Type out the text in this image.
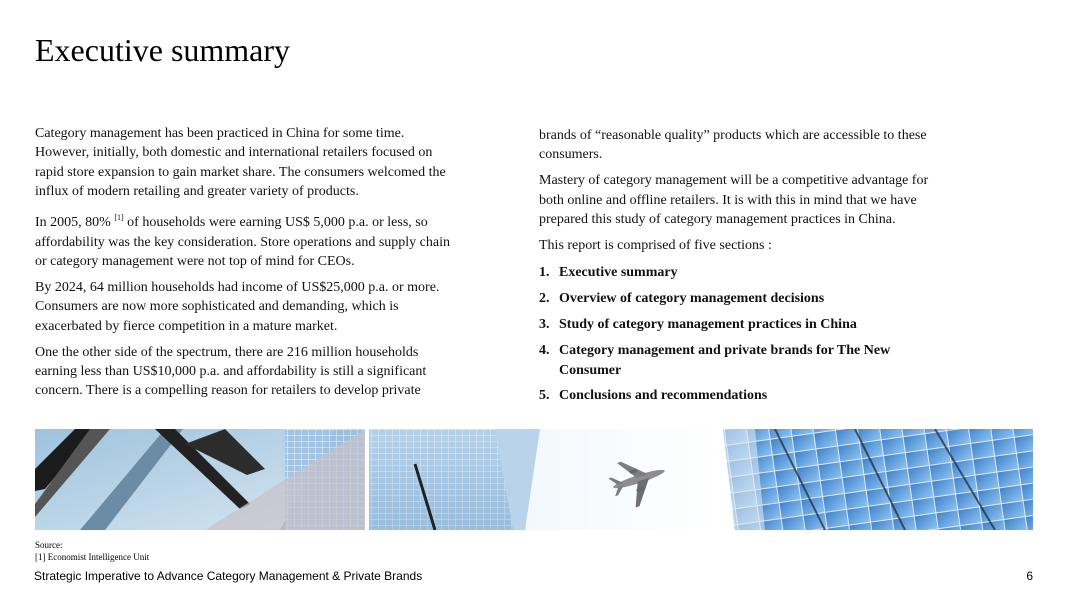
Executive summary

Category management has been practiced in China for some time. However, initially, both domestic and international retailers focused on rapid store expansion to gain market share. The consumers welcomed the influx of modern retailing and greater variety of products.

In 2005, 80% [1] of households were earning US$ 5,000 p.a. or less, so affordability was the key consideration. Store operations and supply chain or category management were not top of mind for CEOs.

By 2024, 64 million households had income of US$25,000 p.a. or more. Consumers are now more sophisticated and demanding, which is exacerbated by fierce competition in a mature market.

One the other side of the spectrum, there are 216 million households earning less than US$10,000 p.a. and affordability is still a significant concern. There is a compelling reason for retailers to develop private

brands of “reasonable quality” products which are accessible to these consumers.

Mastery of category management will be a competitive advantage for both online and offline retailers. It is with this in mind that we have prepared this study of category management practices in China.

This report is comprised of five sections :

1. Executive summary
2. Overview of category management decisions
3. Study of category management practices in China
4. Category management and private brands for The New Consumer
5. Conclusions and recommendations
Source:
[1] Economist Intelligence Unit
Strategic Imperative to Advance Category Management & Private Brands	6
